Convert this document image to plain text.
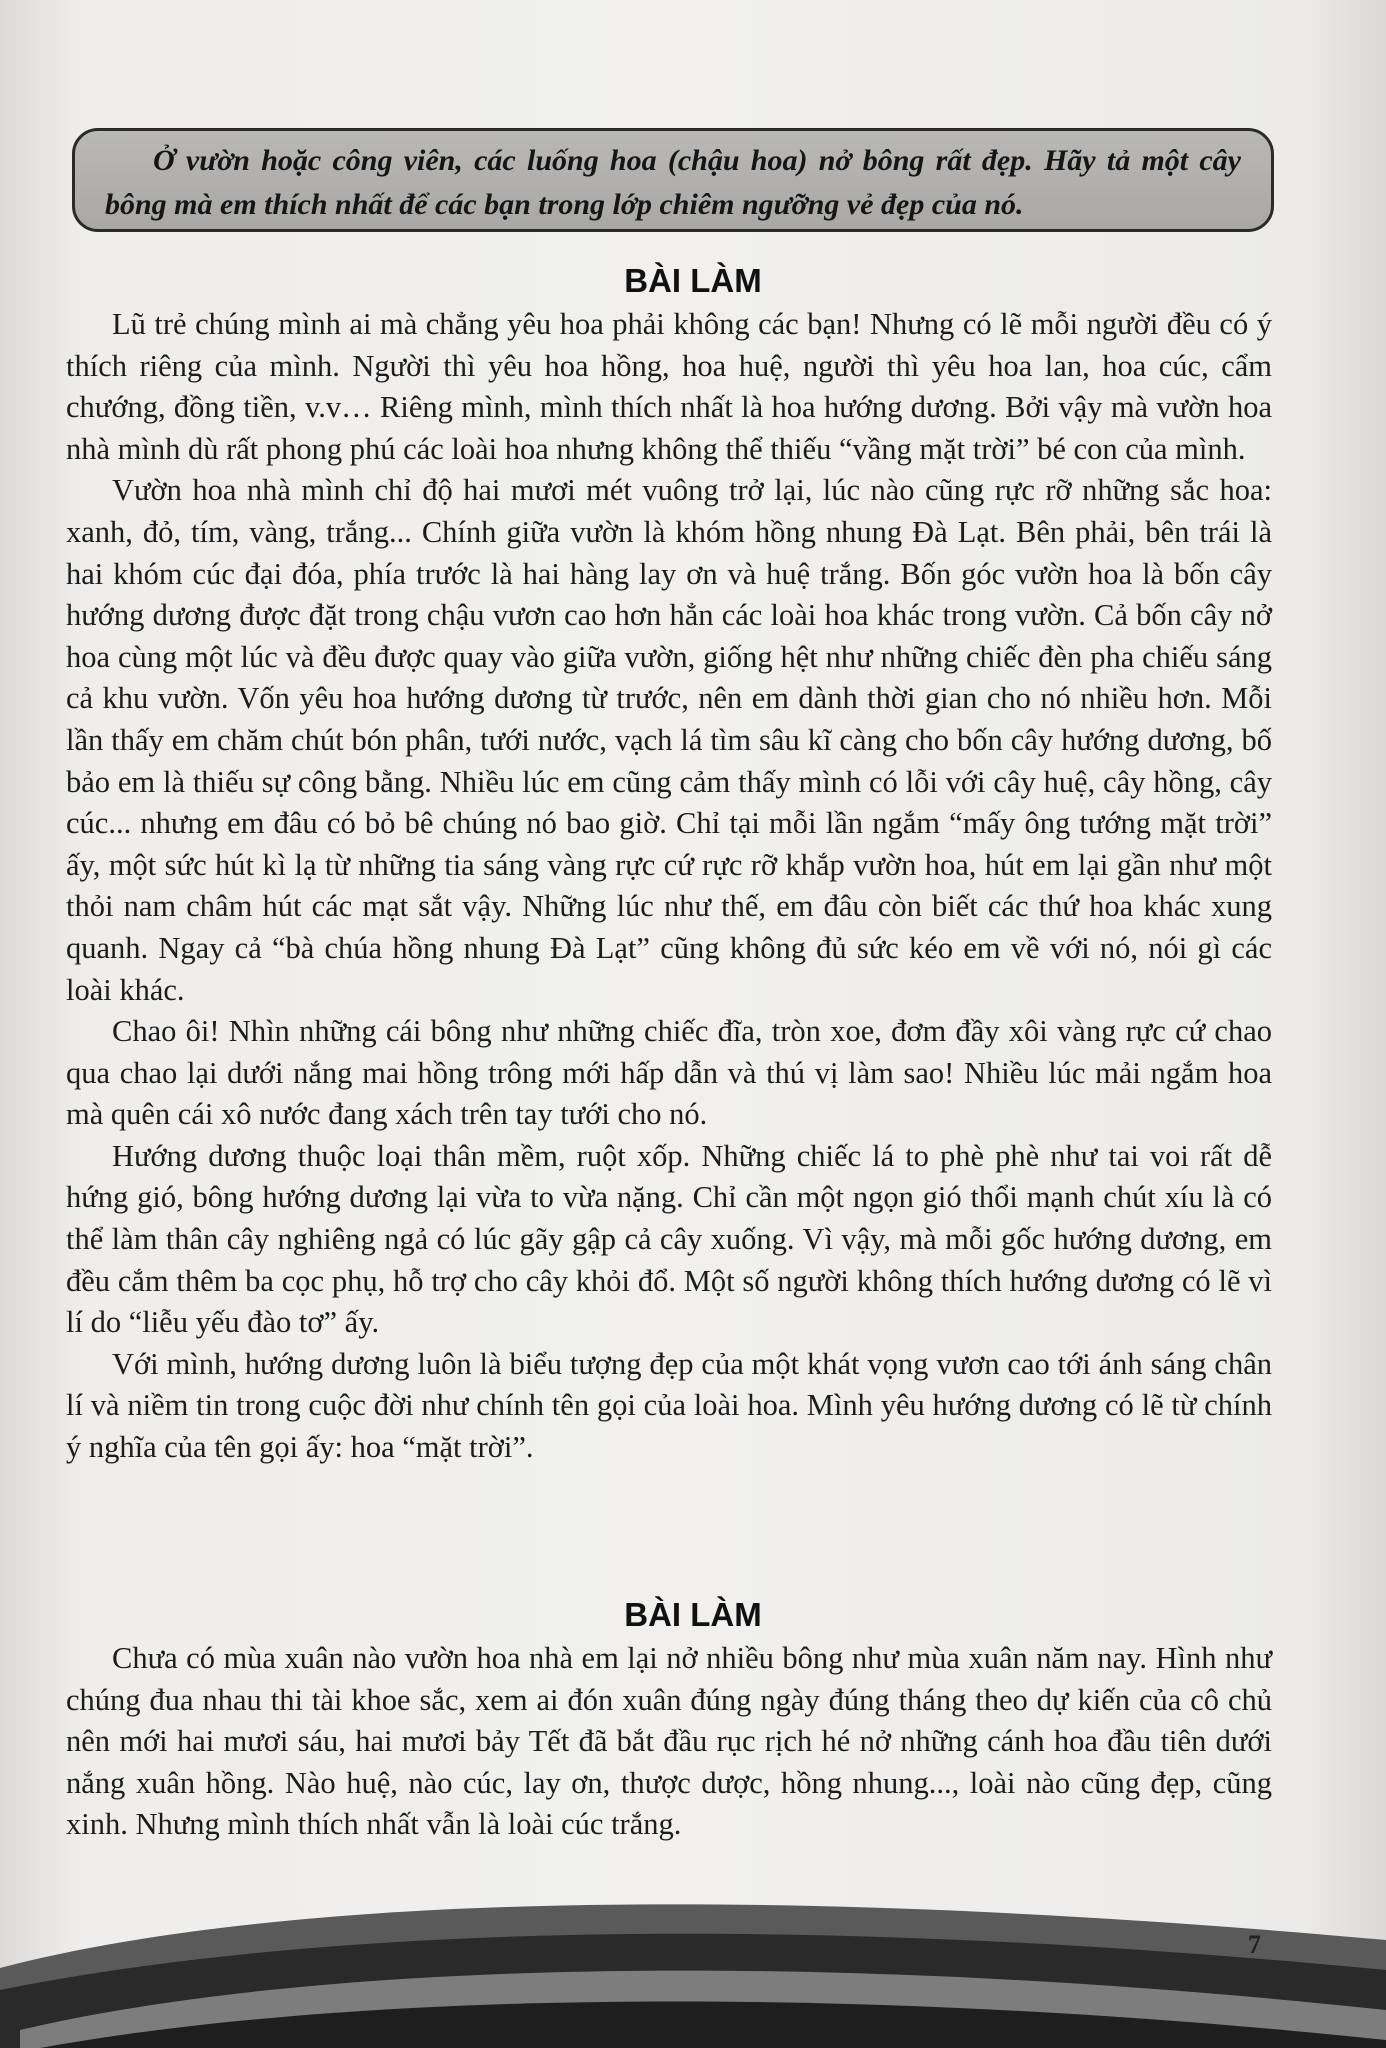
Ở vườn hoặc công viên, các luống hoa (chậu hoa) nở bông rất đẹp. Hãy tả một cây bông mà em thích nhất để các bạn trong lớp chiêm ngưỡng vẻ đẹp của nó.
BÀI LÀM

Lũ trẻ chúng mình ai mà chẳng yêu hoa phải không các bạn! Nhưng có lẽ mỗi người đều có ý thích riêng của mình. Người thì yêu hoa hồng, hoa huệ, người thì yêu hoa lan, hoa cúc, cẩm chướng, đồng tiền, v.v… Riêng mình, mình thích nhất là hoa hướng dương. Bởi vậy mà vườn hoa nhà mình dù rất phong phú các loài hoa nhưng không thể thiếu “vầng mặt trời” bé con của mình.

Vườn hoa nhà mình chỉ độ hai mươi mét vuông trở lại, lúc nào cũng rực rỡ những sắc hoa: xanh, đỏ, tím, vàng, trắng... Chính giữa vườn là khóm hồng nhung Đà Lạt. Bên phải, bên trái là hai khóm cúc đại đóa, phía trước là hai hàng lay ơn và huệ trắng. Bốn góc vườn hoa là bốn cây hướng dương được đặt trong chậu vươn cao hơn hẳn các loài hoa khác trong vườn. Cả bốn cây nở hoa cùng một lúc và đều được quay vào giữa vườn, giống hệt như những chiếc đèn pha chiếu sáng cả khu vườn. Vốn yêu hoa hướng dương từ trước, nên em dành thời gian cho nó nhiều hơn. Mỗi lần thấy em chăm chút bón phân, tưới nước, vạch lá tìm sâu kĩ càng cho bốn cây hướng dương, bố bảo em là thiếu sự công bằng. Nhiều lúc em cũng cảm thấy mình có lỗi với cây huệ, cây hồng, cây cúc... nhưng em đâu có bỏ bê chúng nó bao giờ. Chỉ tại mỗi lần ngắm “mấy ông tướng mặt trời” ấy, một sức hút kì lạ từ những tia sáng vàng rực cứ rực rỡ khắp vườn hoa, hút em lại gần như một thỏi nam châm hút các mạt sắt vậy. Những lúc như thế, em đâu còn biết các thứ hoa khác xung quanh. Ngay cả “bà chúa hồng nhung Đà Lạt” cũng không đủ sức kéo em về với nó, nói gì các loài khác.

Chao ôi! Nhìn những cái bông như những chiếc đĩa, tròn xoe, đơm đầy xôi vàng rực cứ chao qua chao lại dưới nắng mai hồng trông mới hấp dẫn và thú vị làm sao! Nhiều lúc mải ngắm hoa mà quên cái xô nước đang xách trên tay tưới cho nó.

Hướng dương thuộc loại thân mềm, ruột xốp. Những chiếc lá to phè phè như tai voi rất dễ hứng gió, bông hướng dương lại vừa to vừa nặng. Chỉ cần một ngọn gió thổi mạnh chút xíu là có thể làm thân cây nghiêng ngả có lúc gãy gập cả cây xuống. Vì vậy, mà mỗi gốc hướng dương, em đều cắm thêm ba cọc phụ, hỗ trợ cho cây khỏi đổ. Một số người không thích hướng dương có lẽ vì lí do “liễu yếu đào tơ” ấy.

Với mình, hướng dương luôn là biểu tượng đẹp của một khát vọng vươn cao tới ánh sáng chân lí và niềm tin trong cuộc đời như chính tên gọi của loài hoa. Mình yêu hướng dương có lẽ từ chính ý nghĩa của tên gọi ấy: hoa “mặt trời”.

BÀI LÀM

Chưa có mùa xuân nào vườn hoa nhà em lại nở nhiều bông như mùa xuân năm nay. Hình như chúng đua nhau thi tài khoe sắc, xem ai đón xuân đúng ngày đúng tháng theo dự kiến của cô chủ nên mới hai mươi sáu, hai mươi bảy Tết đã bắt đầu rục rịch hé nở những cánh hoa đầu tiên dưới nắng xuân hồng. Nào huệ, nào cúc, lay ơn, thược dược, hồng nhung..., loài nào cũng đẹp, cũng xinh. Nhưng mình thích nhất vẫn là loài cúc trắng.

7
